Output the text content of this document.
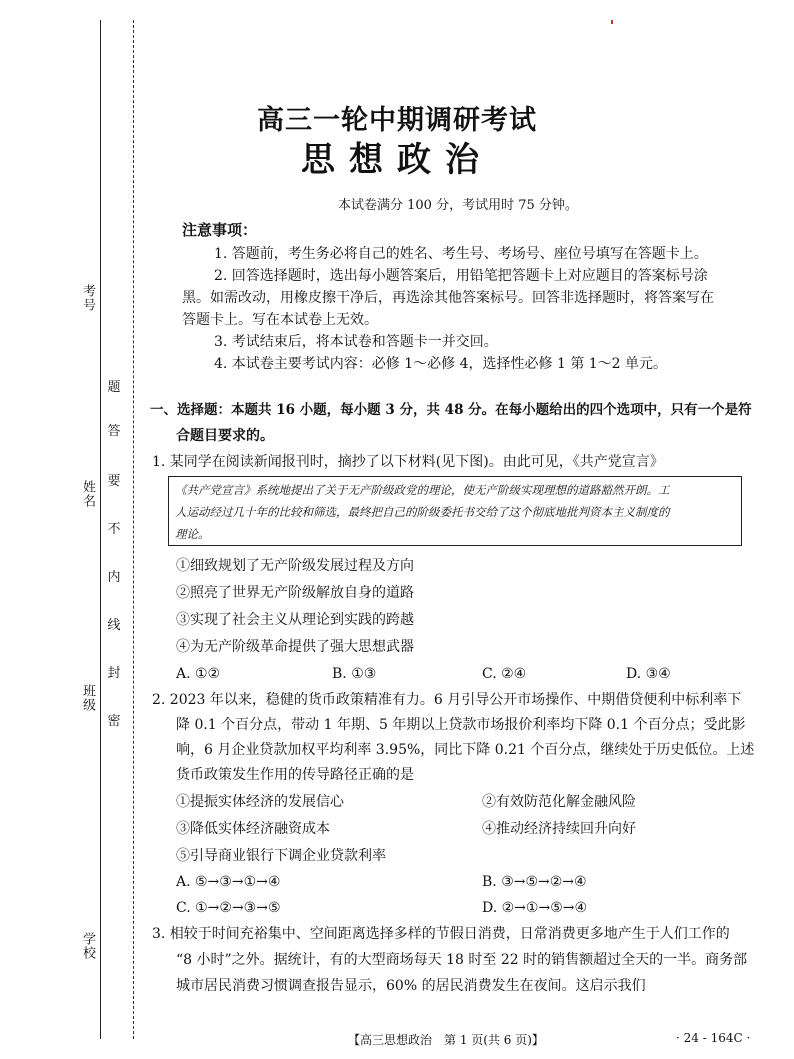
考号
姓名
班级
学校
题
答
要
不
内
线
封
密
高三一轮中期调研考试
思想政治
本试卷满分 100 分，考试用时 75 分钟。
注意事项：
1. 答题前，考生务必将自己的姓名、考生号、考场号、座位号填写在答题卡上。
2. 回答选择题时，选出每小题答案后，用铅笔把答题卡上对应题目的答案标号涂
黑。如需改动，用橡皮擦干净后，再选涂其他答案标号。回答非选择题时，将答案写在
答题卡上。写在本试卷上无效。
3. 考试结束后，将本试卷和答题卡一并交回。
4. 本试卷主要考试内容：必修 1～必修 4，选择性必修 1 第 1～2 单元。
一、选择题：本题共 16 小题，每小题 3 分，共 48 分。在每小题给出的四个选项中，只有一个是符
合题目要求的。
1. 某同学在阅读新闻报刊时，摘抄了以下材料(见下图)。由此可见，《共产党宣言》
《共产党宣言》系统地提出了关于无产阶级政党的理论，使无产阶级实现理想的道路豁然开朗。工
人运动经过几十年的比较和筛选，最终把自己的阶级委托书交给了这个彻底地批判资本主义制度的
理论。
①细致规划了无产阶级发展过程及方向
②照亮了世界无产阶级解放自身的道路
③实现了社会主义从理论到实践的跨越
④为无产阶级革命提供了强大思想武器
A. ①②	B. ①③	C. ②④	D. ③④
2. 2023 年以来，稳健的货币政策精准有力。6 月引导公开市场操作、中期借贷便利中标利率下
降 0.1 个百分点，带动 1 年期、5 年期以上贷款市场报价利率均下降 0.1 个百分点；受此影
响，6 月企业贷款加权平均利率 3.95%，同比下降 0.21 个百分点，继续处于历史低位。上述
货币政策发生作用的传导路径正确的是
①提振实体经济的发展信心	②有效防范化解金融风险
③降低实体经济融资成本	④推动经济持续回升向好
⑤引导商业银行下调企业贷款利率
A. ⑤→③→①→④	B. ③→⑤→②→④
C. ①→②→③→⑤	D. ②→①→⑤→④
3. 相较于时间充裕集中、空间距离选择多样的节假日消费，日常消费更多地产生于人们工作的
“8 小时”之外。据统计，有的大型商场每天 18 时至 22 时的销售额超过全天的一半。商务部
城市居民消费习惯调查报告显示，60% 的居民消费发生在夜间。这启示我们
【高三思想政治　第 1 页(共 6 页)】	· 24 - 164C ·
